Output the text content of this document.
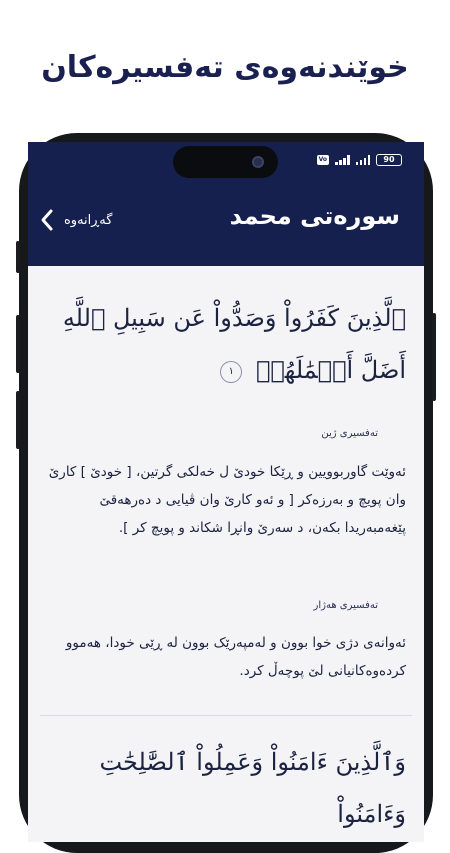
خوێندنەوەی تەفسیرەکان
Vo	90
سورەتی محمد
گەڕانەوە
ٱلَّذِينَ كَفَرُواْ وَصَدُّواْ عَن سَبِيلِ ٱللَّهِ أَضَلَّ أَعۡمَٰلَهُمۡ ١
تەفسیری ژین
ئەوێت گاوربوویین و ڕێکا خودێ ل خەلکی گرتین، [ خودێ ] کارێ وان پویچ و بەرزەکر [ و ئەو کارێ وان ڤیایی د دەرهەقێ پێغەمبەریدا بکەن، د سەرێ وانڕا شکاند و پویچ کر ].
تەفسیری هەژار
ئەوانەی دژی خوا بوون و لەمپەرێک بوون لە ڕێی خودا، هەموو کردەوەکانیانی لێ پوچەڵ کرد.
وَٱلَّذِينَ ءَامَنُواْ وَعَمِلُواْ ٱلصَّٰلِحَٰتِ وَءَامَنُواْ
